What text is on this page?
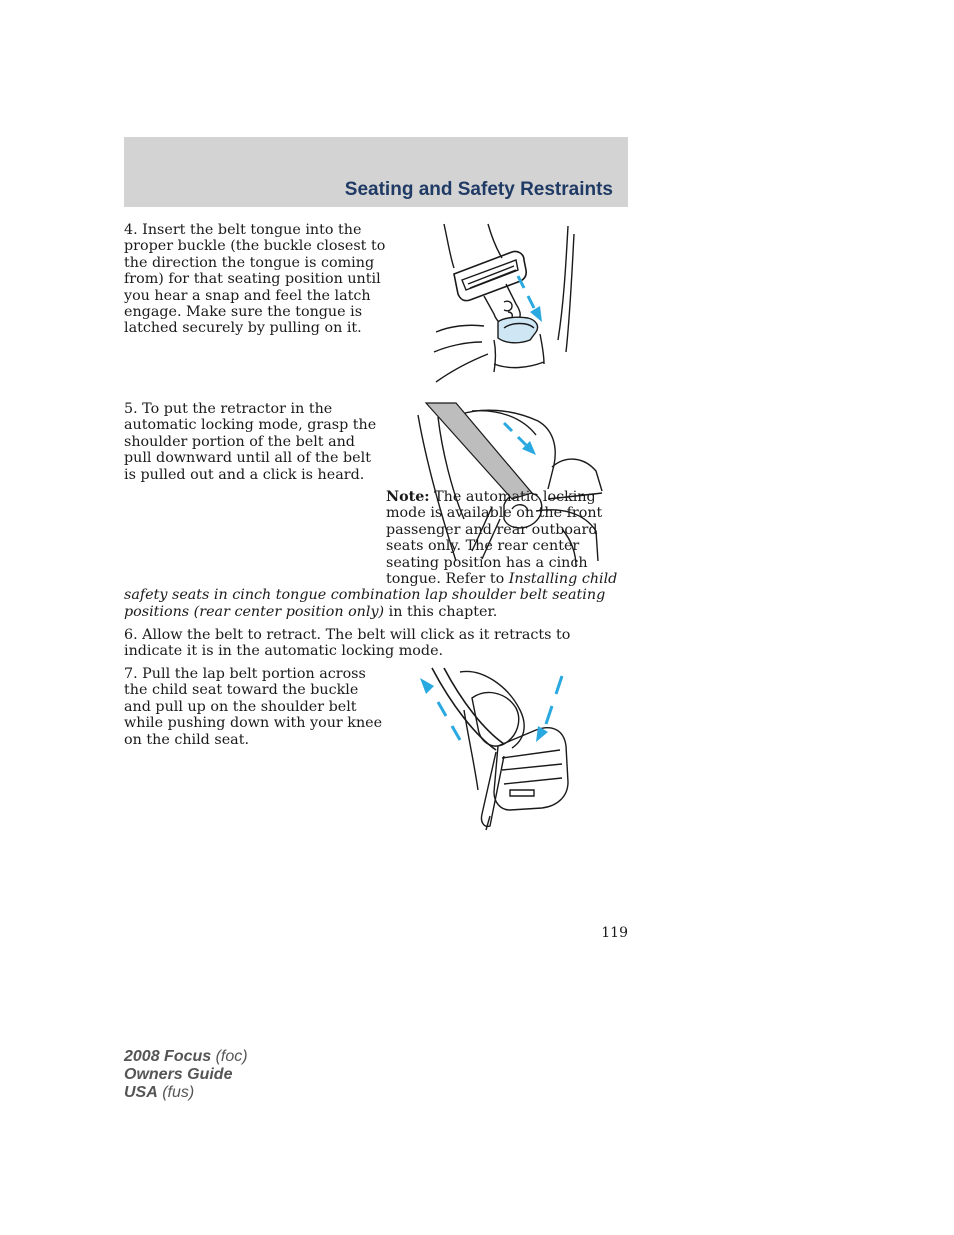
Seating and Safety Restraints

4. Insert the belt tongue into the proper buckle (the buckle closest to the direction the tongue is coming from) for that seating position until you hear a snap and feel the latch engage. Make sure the tongue is latched securely by pulling on it.

5. To put the retractor in the automatic locking mode, grasp the shoulder portion of the belt and pull downward until all of the belt is pulled out and a click is heard.

Note: The automatic locking mode is available on the front passenger and rear outboard seats only. The rear center seating position has a cinch tongue. Refer to Installing child safety seats in cinch tongue combination lap shoulder belt seating positions (rear center position only) in this chapter.

6. Allow the belt to retract. The belt will click as it retracts to indicate it is in the automatic locking mode.

7. Pull the lap belt portion across the child seat toward the buckle and pull up on the shoulder belt while pushing down with your knee on the child seat.

119
2008 Focus (foc)
Owners Guide
USA (fus)
